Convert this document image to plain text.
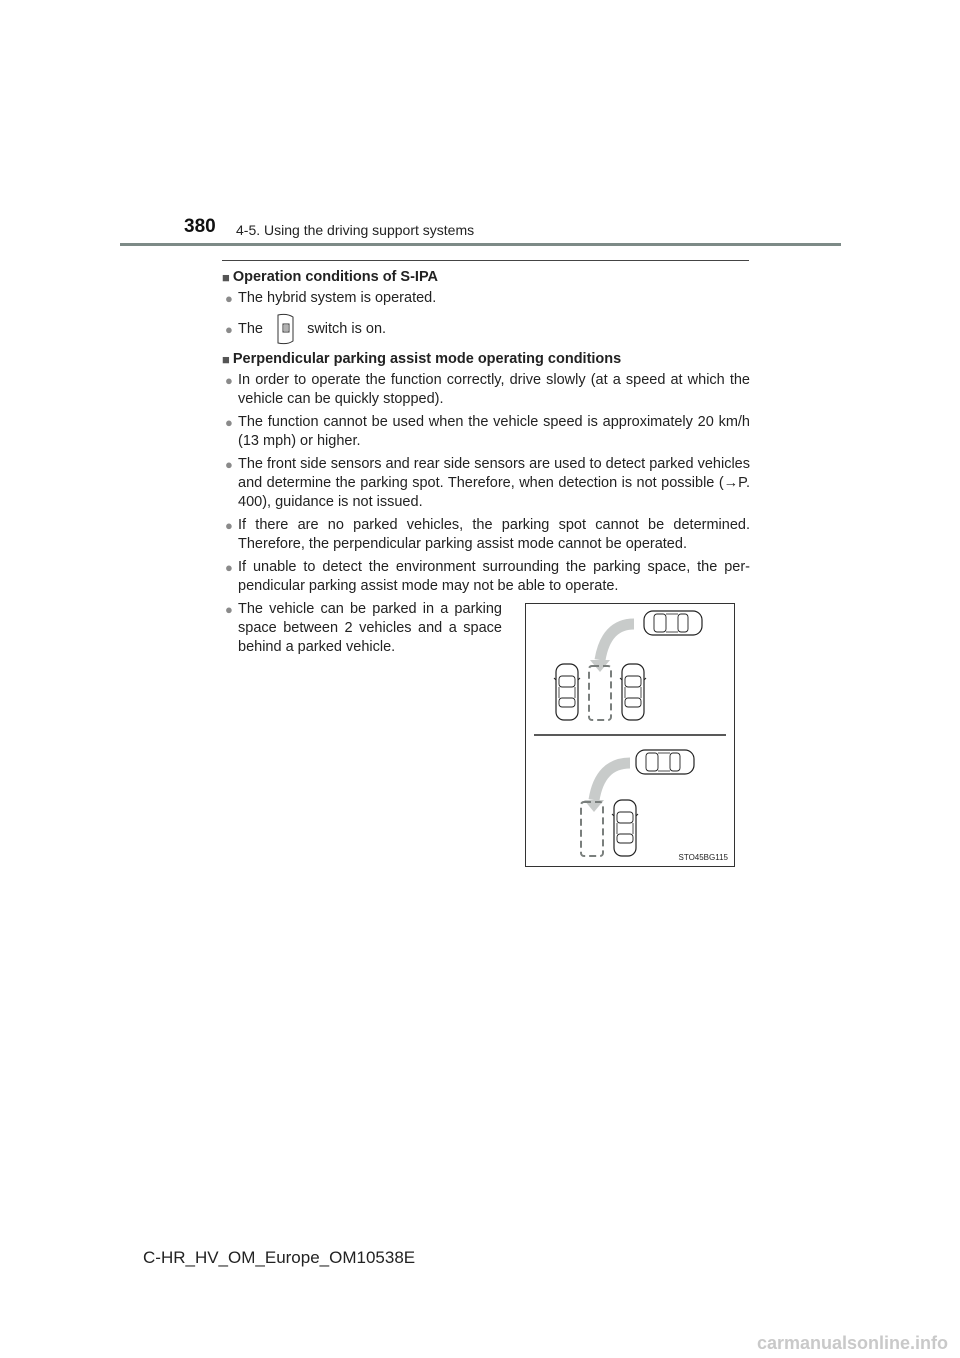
380 4-5. Using the driving support systems
■ Operation conditions of S-IPA
● The hybrid system is operated.
● The	switch is on.
■ Perpendicular parking assist mode operating conditions
● In order to operate the function correctly, drive slowly (at a speed at which the vehicle can be quickly stopped).
● The function cannot be used when the vehicle speed is approximately 20 km/h (13 mph) or higher.
● The front side sensors and rear side sensors are used to detect parked vehicles and determine the parking spot. Therefore, when detection is not possible (→P. 400), guidance is not issued.
● If there are no parked vehicles, the parking spot cannot be determined. Therefore, the perpendicular parking assist mode cannot be operated.
● If unable to detect the environment surrounding the parking space, the per-pendicular parking assist mode may not be able to operate.
● The vehicle can be parked in a parking space between 2 vehicles and a space behind a parked vehicle.
STO45BG115
C-HR_HV_OM_Europe_OM10538E
carmanualsonline.info
